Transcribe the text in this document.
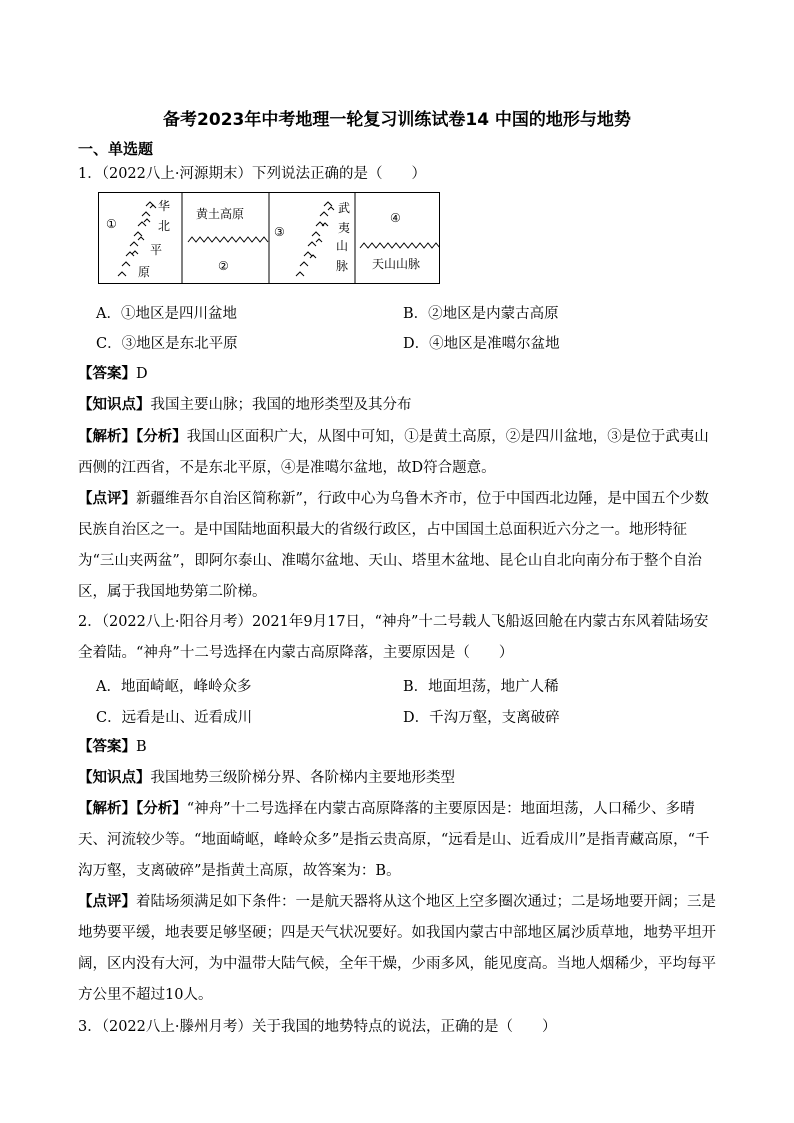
备考2023年中考地理一轮复习训练试卷14 中国的地形与地势
一、单选题
1．（2022八上·河源期末）下列说法正确的是（　　）
①
华
北
平
原
黄土高原
②
③
武
夷
山
脉
④
天山山脉
A．①地区是四川盆地	B．②地区是内蒙古高原
C．③地区是东北平原	D．④地区是准噶尔盆地
【答案】D
【知识点】我国主要山脉；我国的地形类型及其分布
【解析】【分析】我国山区面积广大，从图中可知，①是黄土高原，②是四川盆地，③是位于武夷山西侧的江西省，不是东北平原，④是准噶尔盆地，故D符合题意。
【点评】新疆维吾尔自治区简称新”，行政中心为乌鲁木齐市，位于中国西北边陲，是中国五个少数民族自治区之一。是中国陆地面积最大的省级行政区，占中国国土总面积近六分之一。地形特征为“三山夹两盆”，即阿尔泰山、准噶尔盆地、天山、塔里木盆地、昆仑山自北向南分布于整个自治区，属于我国地势第二阶梯。
2．（2022八上·阳谷月考）2021年9月17日，“神舟”十二号载人飞船返回舱在内蒙古东风着陆场安全着陆。“神舟”十二号选择在内蒙古高原降落，主要原因是（　　）
A．地面崎岖，峰岭众多	B．地面坦荡，地广人稀
C．远看是山、近看成川	D．千沟万壑，支离破碎
【答案】B
【知识点】我国地势三级阶梯分界、各阶梯内主要地形类型
【解析】【分析】“神舟”十二号选择在内蒙古高原降落的主要原因是：地面坦荡，人口稀少、多晴天、河流较少等。“地面崎岖，峰岭众多”是指云贵高原，“远看是山、近看成川”是指青藏高原，“千沟万壑，支离破碎”是指黄土高原，故答案为：B。
【点评】着陆场须满足如下条件：一是航天器将从这个地区上空多圈次通过；二是场地要开阔；三是地势要平缓，地表要足够坚硬；四是天气状况要好。如我国内蒙古中部地区属沙质草地，地势平坦开阔，区内没有大河，为中温带大陆气候，全年干燥，少雨多风，能见度高。当地人烟稀少，平均每平方公里不超过10人。
3．（2022八上·滕州月考）关于我国的地势特点的说法，正确的是（　　）
